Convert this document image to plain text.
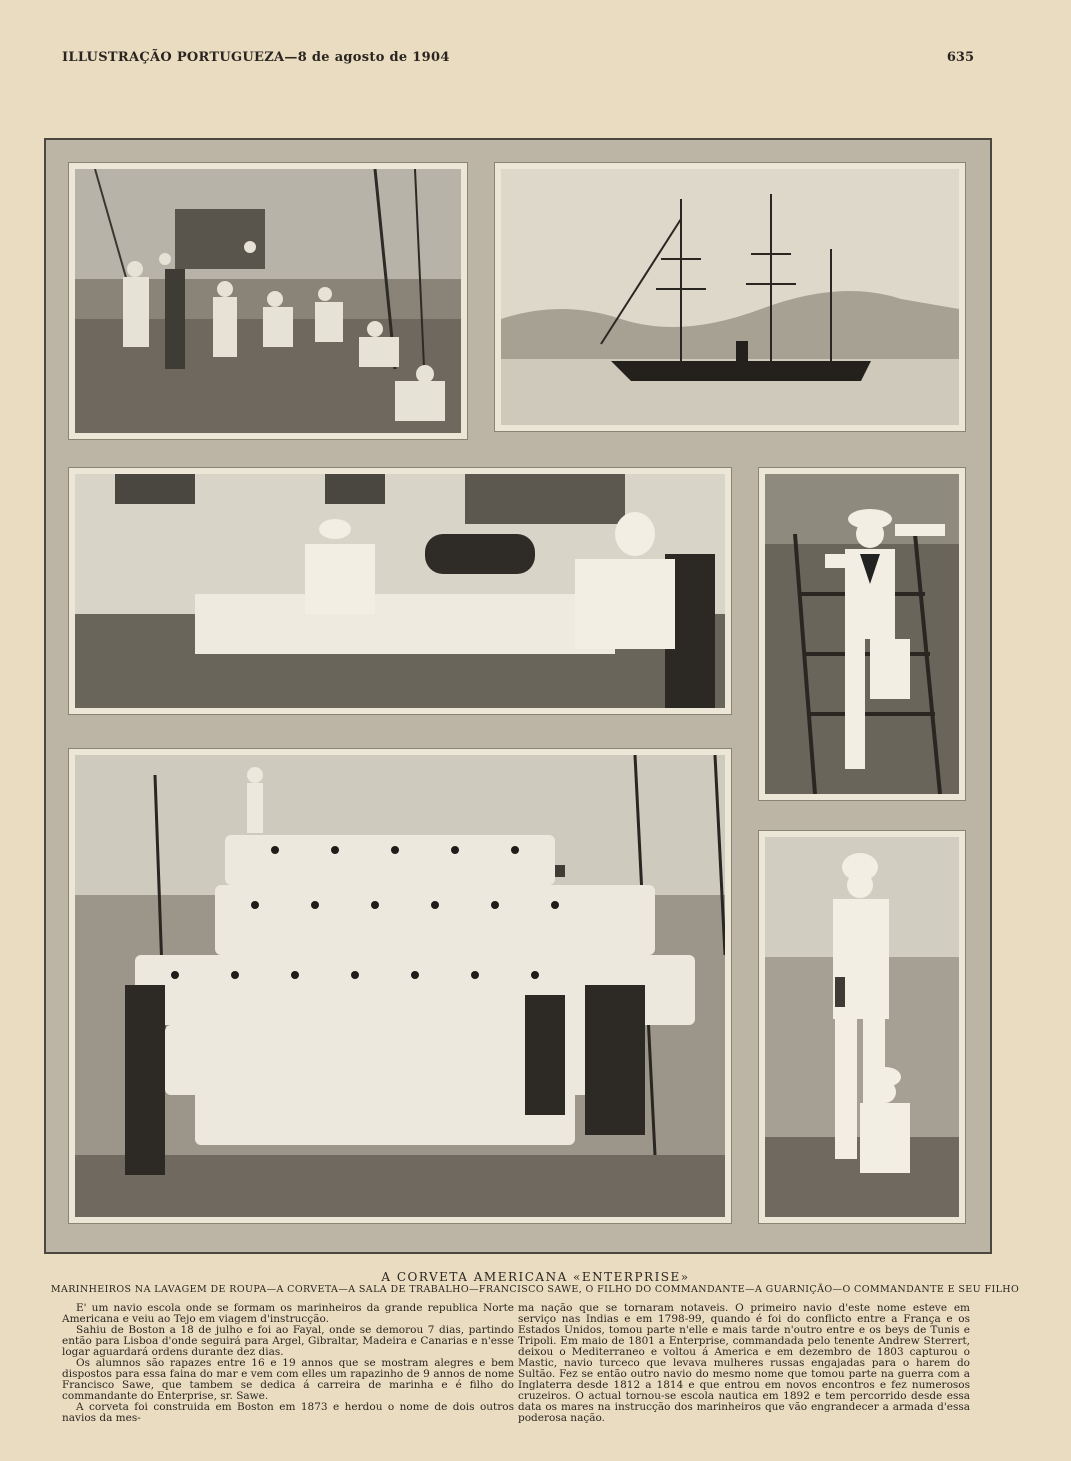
ILLUSTRAÇÃO PORTUGUEZA—8 de agosto de 1904	635
A CORVETA AMERICANA «ENTERPRISE»
MARINHEIROS NA LAVAGEM DE ROUPA—A CORVETA—A SALA DE TRABALHO—FRANCISCO SAWE, O FILHO DO COMMANDANTE—A GUARNIÇÃO—O COMMANDANTE E SEU FILHO

E' um navio escola onde se formam os marinheiros da grande republica Norte Americana e veiu ao Tejo em viagem d'instrucção.

Sahiu de Boston a 18 de julho e foi ao Fayal, onde se demorou 7 dias, partindo então para Lisboa d'onde seguirá para Argel, Gibraltar, Madeira e Canarias e n'esse logar aguardará ordens durante dez dias.

Os alumnos são rapazes entre 16 e 19 annos que se mostram alegres e bem dispostos para essa faina do mar e vem com elles um rapazinho de 9 annos de nome Francisco Sawe, que tambem se dedica á carreira de marinha e é filho do commandante do Enterprise, sr. Sawe.

A corveta foi construida em Boston em 1873 e herdou o nome de dois outros navios da mes-

ma nação que se tornaram notaveis. O primeiro navio d'este nome esteve em serviço nas Indias e em 1798-99, quando é foi do conflicto entre a França e os Estados Unidos, tomou parte n'elle e mais tarde n'outro entre e os beys de Tunis e Tripoli. Em maio de 1801 a Enterprise, commandada pelo tenente Andrew Sterrert, deixou o Mediterraneo e voltou á America e em dezembro de 1803 capturou o Mastic, navio turceco que levava mulheres russas engajadas para o harem do Sultão. Fez se então outro navio do mesmo nome que tomou parte na guerra com a Inglaterra desde 1812 a 1814 e que entrou em novos encontros e fez numerosos cruzeiros. O actual tornou-se escola nautica em 1892 e tem percorrido desde essa data os mares na instrucção dos marinheiros que vão engrandecer a armada d'essa poderosa nação.
